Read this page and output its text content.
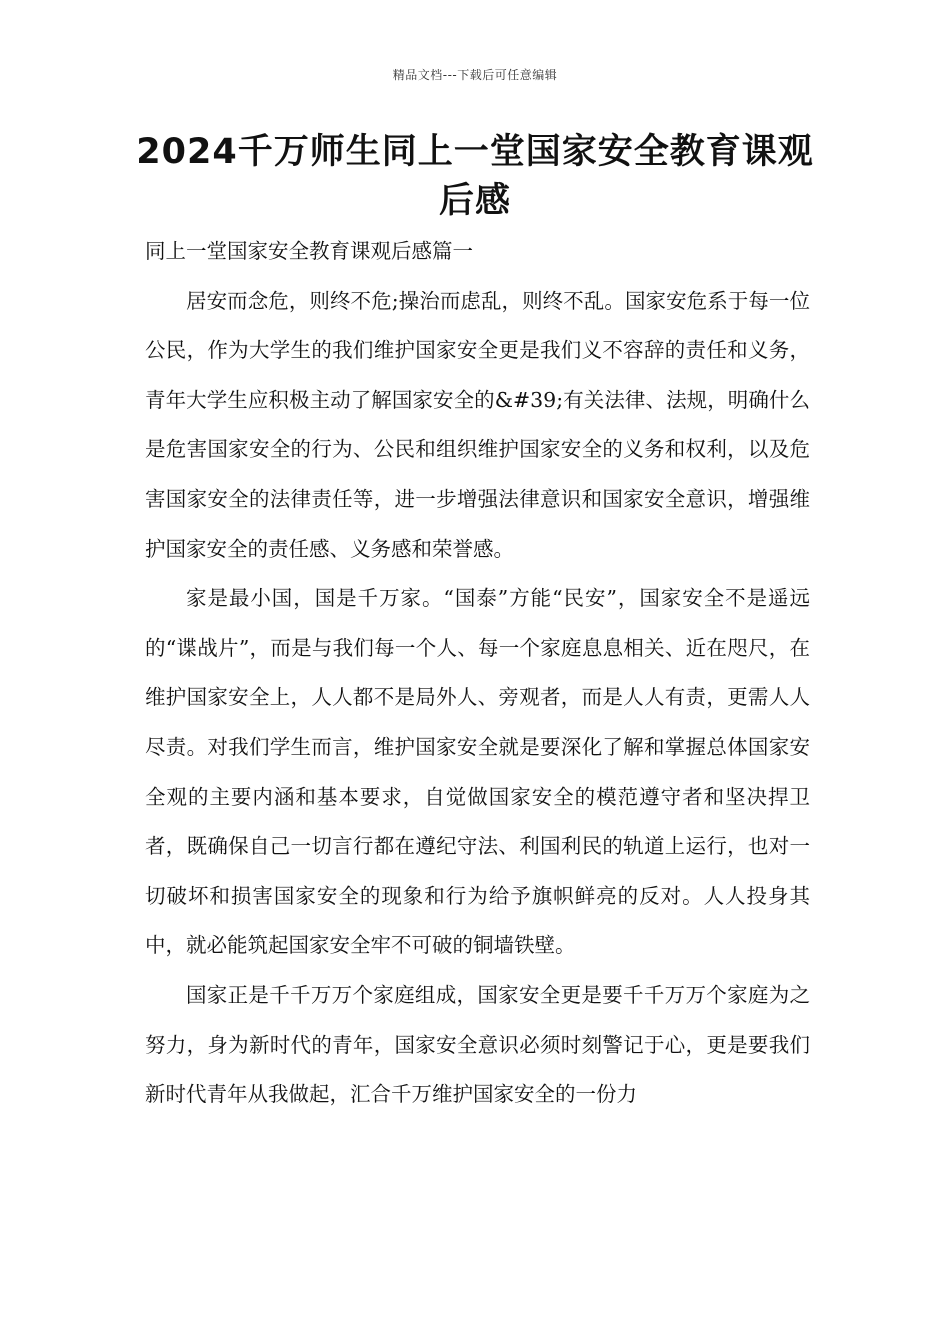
精品文档---下载后可任意编辑
2024千万师生同上一堂国家安全教育课观后感

同上一堂国家安全教育课观后感篇一

居安而念危，则终不危;操治而虑乱，则终不乱。国家安危系于每一位公民，作为大学生的我们维护国家安全更是我们义不容辞的责任和义务，青年大学生应积极主动了解国家安全的&#39;有关法律、法规，明确什么是危害国家安全的行为、公民和组织维护国家安全的义务和权利，以及危害国家安全的法律责任等，进一步增强法律意识和国家安全意识，增强维护国家安全的责任感、义务感和荣誉感。

家是最小国，国是千万家。“国泰”方能“民安”，国家安全不是遥远的“谍战片”，而是与我们每一个人、每一个家庭息息相关、近在咫尺，在维护国家安全上，人人都不是局外人、旁观者，而是人人有责，更需人人尽责。对我们学生而言，维护国家安全就是要深化了解和掌握总体国家安全观的主要内涵和基本要求，自觉做国家安全的模范遵守者和坚决捍卫者，既确保自己一切言行都在遵纪守法、利国利民的轨道上运行，也对一切破坏和损害国家安全的现象和行为给予旗帜鲜亮的反对。人人投身其中，就必能筑起国家安全牢不可破的铜墙铁壁。

国家正是千千万万个家庭组成，国家安全更是要千千万万个家庭为之努力，身为新时代的青年，国家安全意识必须时刻警记于心，更是要我们新时代青年从我做起，汇合千万维护国家安全的一份力
